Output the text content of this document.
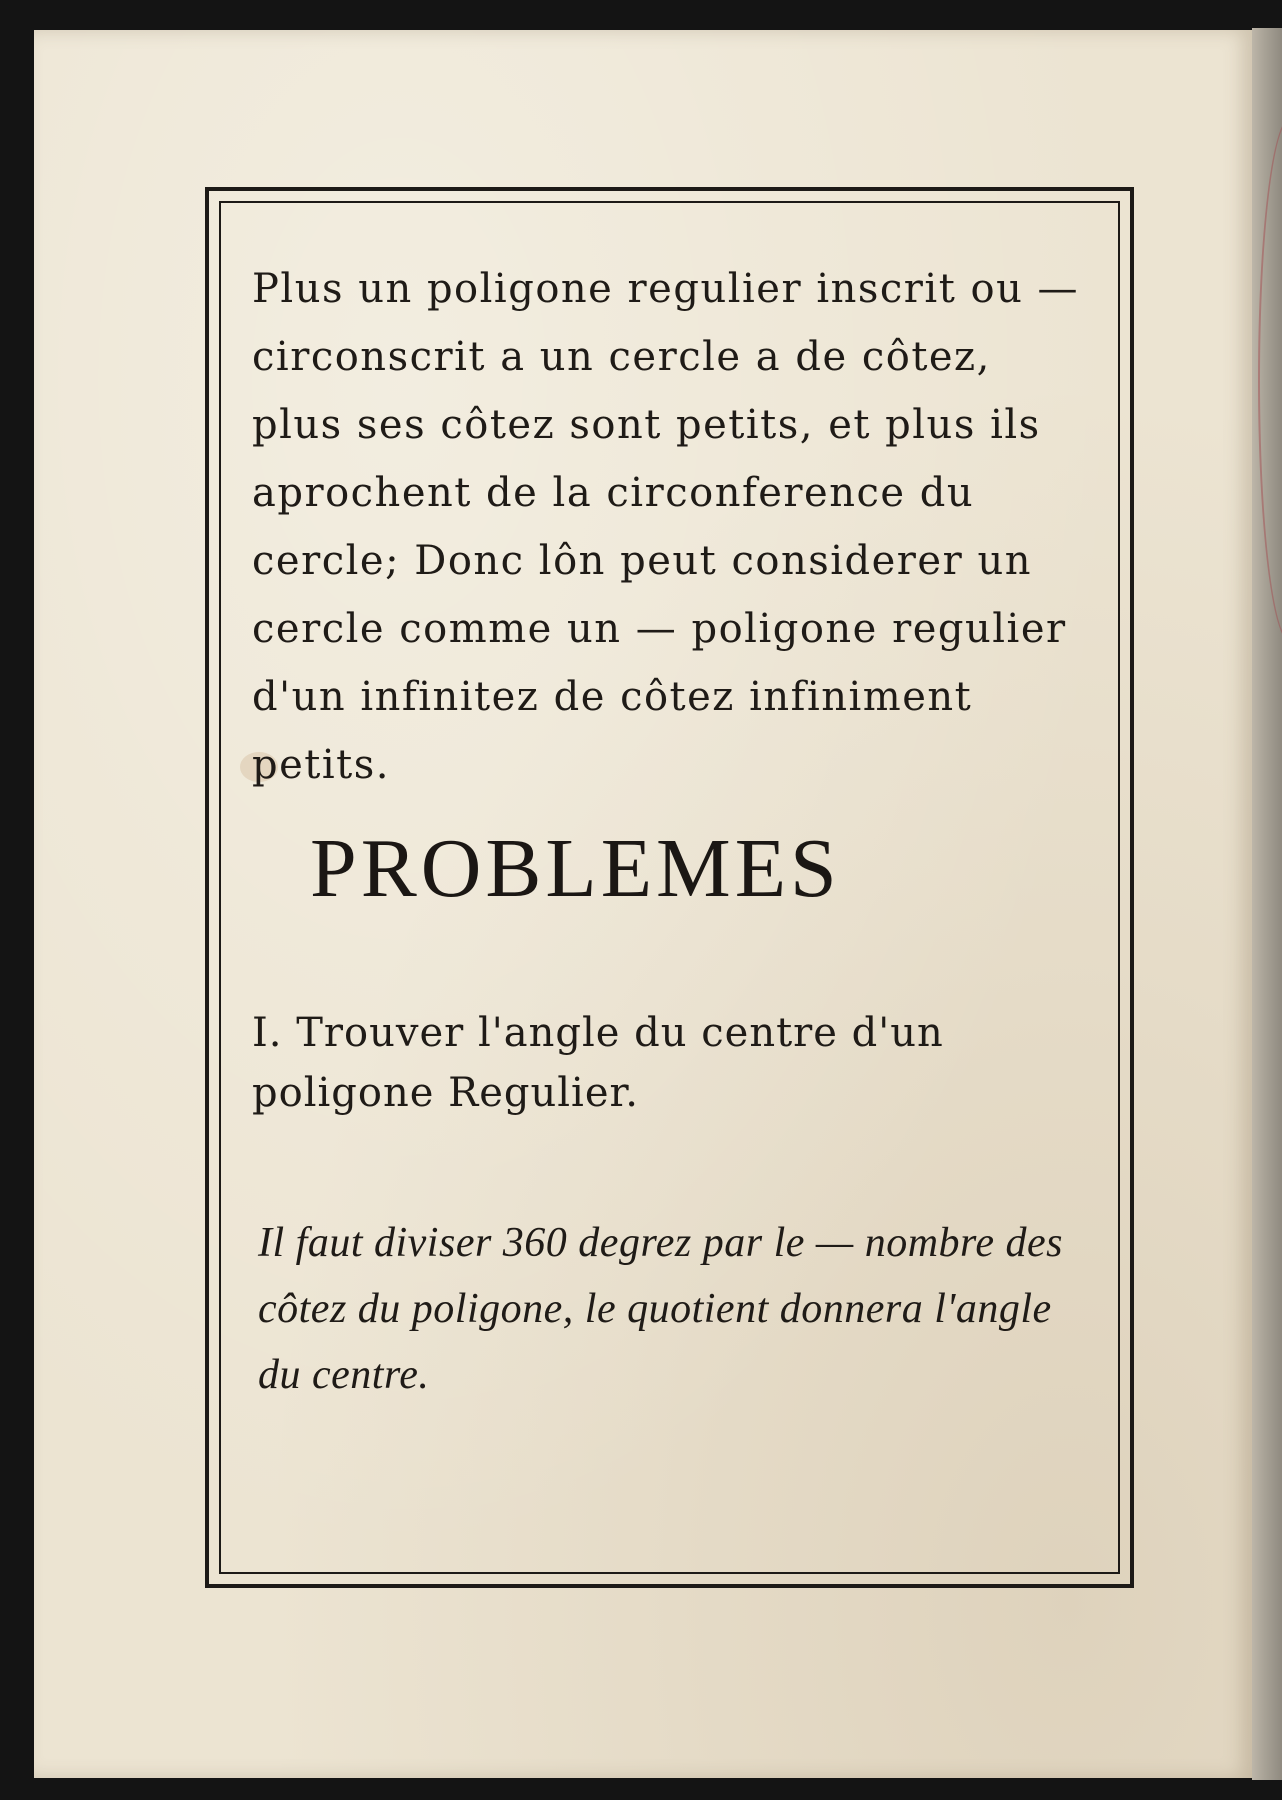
Plus un poligone regulier inscrit ou — circonscrit a un cercle a de côtez, plus ses côtez sont petits, et plus ils aprochent de la circonference du cercle; Donc lôn peut considerer un cercle comme un — poligone regulier d'un infinitez de côtez infiniment petits.

PROBLEMES

I. Trouver l'angle du centre d'un poligone Regulier.

Il faut diviser 360 degrez par le — nombre des côtez du poligone, le quotient donnera l'angle du centre.
